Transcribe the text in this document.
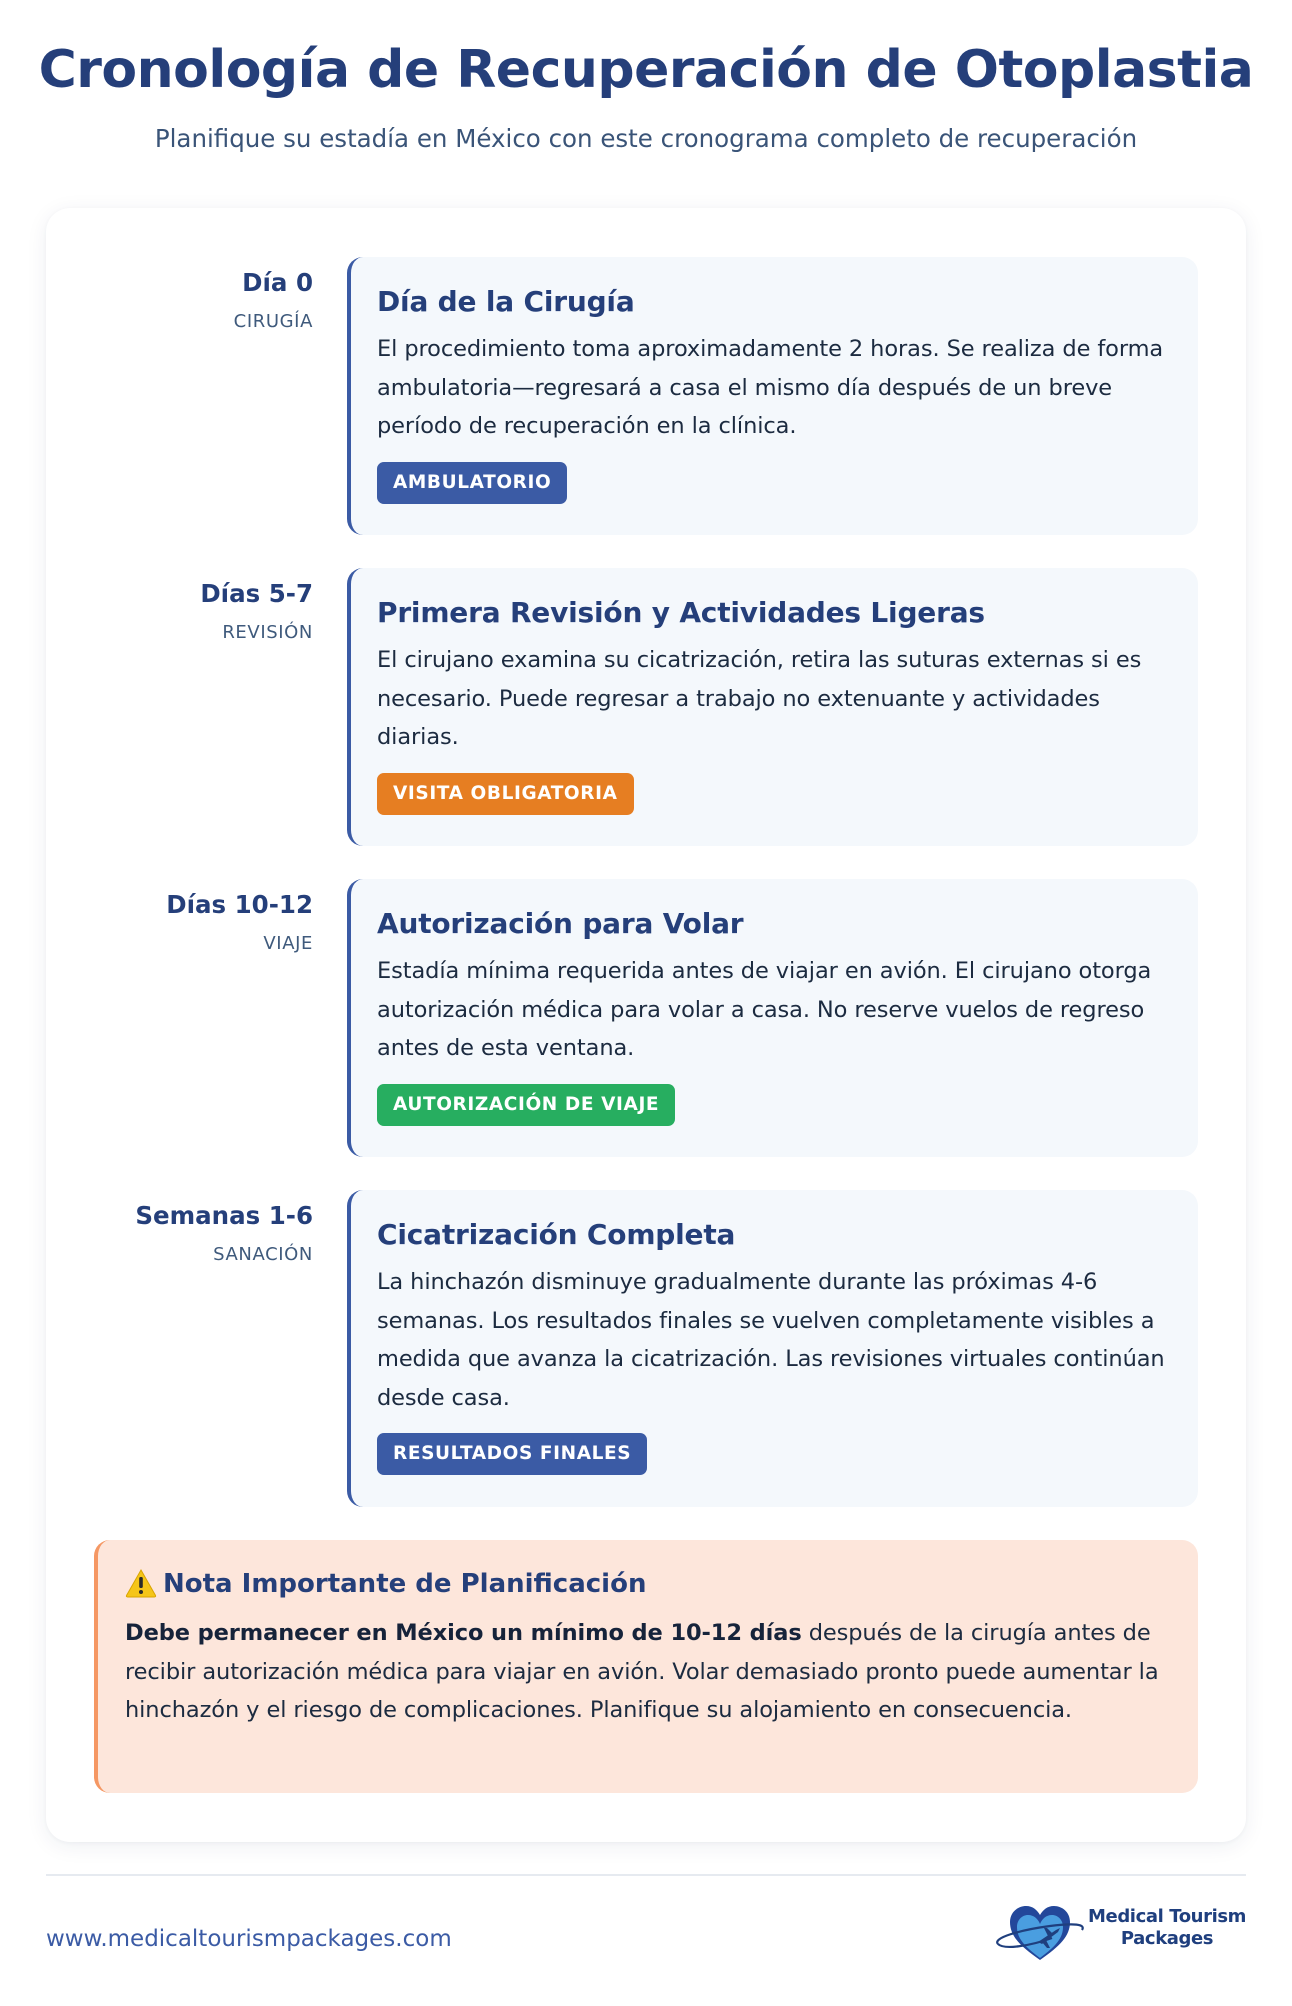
Cronología de Recuperación de Otoplastia

Planifique su estadía en México con este cronograma completo de recuperación

Día 0
CIRUGÍA
Día de la Cirugía
El procedimiento toma aproximadamente 2 horas. Se realiza de forma ambulatoria—regresará a casa el mismo día después de un breve período de recuperación en la clínica.
AMBULATORIO
Días 5-7
REVISIÓN
Primera Revisión y Actividades Ligeras
El cirujano examina su cicatrización, retira las suturas externas si es necesario. Puede regresar a trabajo no extenuante y actividades diarias.
VISITA OBLIGATORIA
Días 10-12
VIAJE
Autorización para Volar
Estadía mínima requerida antes de viajar en avión. El cirujano otorga autorización médica para volar a casa. No reserve vuelos de regreso antes de esta ventana.
AUTORIZACIÓN DE VIAJE
Semanas 1-6
SANACIÓN
Cicatrización Completa
La hinchazón disminuye gradualmente durante las próximas 4-6 semanas. Los resultados finales se vuelven completamente visibles a medida que avanza la cicatrización. Las revisiones virtuales continúan desde casa.
RESULTADOS FINALES
Nota Importante de Planificación

Debe permanecer en México un mínimo de 10-12 días después de la cirugía antes de recibir autorización médica para viajar en avión. Volar demasiado pronto puede aumentar la hinchazón y el riesgo de complicaciones. Planifique su alojamiento en consecuencia.

www.medicaltourismpackages.com
Medical Tourism
Packages
